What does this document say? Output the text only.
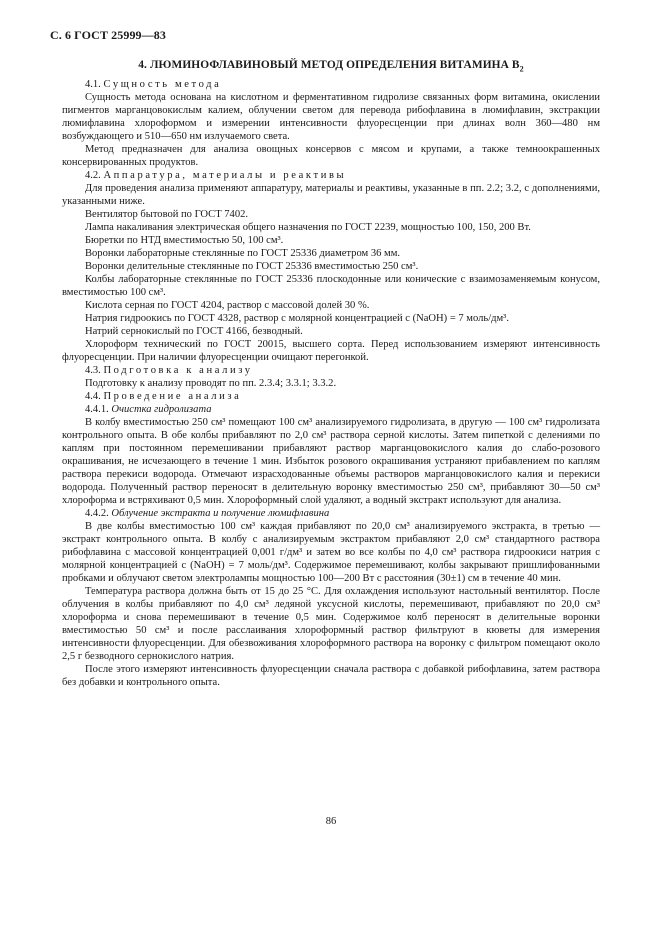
С. 6 ГОСТ 25999—83
4. ЛЮМИНОФЛАВИНОВЫЙ МЕТОД ОПРЕДЕЛЕНИЯ ВИТАМИНА $В_2$

4.1. Сущность метода

Сущность метода основана на кислотном и ферментативном гидролизе связанных форм витамина, окислении пигментов марганцовокислым калием, облучении светом для перевода рибофлавина в люмифлавин, экстракции люмифлавина хлороформом и измерении интенсивности флуоресценции при длинах волн 360—480 нм возбуждающего и 510—650 нм излучаемого света.

Метод предназначен для анализа овощных консервов с мясом и крупами, а также темноокрашенных консервированных продуктов.

4.2. Аппаратура, материалы и реактивы

Для проведения анализа применяют аппаратуру, материалы и реактивы, указанные в пп. 2.2; 3.2, с дополнениями, указанными ниже.

Вентилятор бытовой по ГОСТ 7402.

Лампа накаливания электрическая общего назначения по ГОСТ 2239, мощностью 100, 150, 200 Вт.

Бюретки по НТД вместимостью 50, 100 см³.

Воронки лабораторные стеклянные по ГОСТ 25336 диаметром 36 мм.

Воронки делительные стеклянные по ГОСТ 25336 вместимостью 250 см³.

Колбы лабораторные стеклянные по ГОСТ 25336 плоскодонные или конические с взаимозаменяемым конусом, вместимостью 100 см³.

Кислота серная по ГОСТ 4204, раствор с массовой долей 30 %.

Натрия гидроокись по ГОСТ 4328, раствор с молярной концентрацией c (NaOH) = 7 моль/дм³.

Натрий сернокислый по ГОСТ 4166, безводный.

Хлороформ технический по ГОСТ 20015, высшего сорта. Перед использованием измеряют интенсивность флуоресценции. При наличии флуоресценции очищают перегонкой.

4.3. Подготовка к анализу

Подготовку к анализу проводят по пп. 2.3.4; 3.3.1; 3.3.2.

4.4. Проведение анализа

4.4.1. Очистка гидролизата

В колбу вместимостью 250 см³ помещают 100 см³ анализируемого гидролизата, в другую — 100 см³ гидролизата контрольного опыта. В обе колбы прибавляют по 2,0 см³ раствора серной кислоты. Затем пипеткой с делениями по каплям при постоянном перемешивании прибавляют раствор марганцовокислого калия до слабо-розового окрашивания, не исчезающего в течение 1 мин. Избыток розового окрашивания устраняют прибавлением по каплям раствора перекиси водорода. Отмечают израсходованные объемы растворов марганцовокислого калия и перекиси водорода. Полученный раствор переносят в делительную воронку вместимостью 250 см³, прибавляют 30—50 см³ хлороформа и встряхивают 0,5 мин. Хлороформный слой удаляют, а водный экстракт используют для анализа.

4.4.2. Облучение экстракта и получение люмифлавина

В две колбы вместимостью 100 см³ каждая прибавляют по 20,0 см³ анализируемого экстракта, в третью — экстракт контрольного опыта. В колбу с анализируемым экстрактом прибавляют 2,0 см³ стандартного раствора рибофлавина с массовой концентрацией 0,001 г/дм³ и затем во все колбы по 4,0 см³ раствора гидроокиси натрия с молярной концентрацией c (NaOH) = 7 моль/дм³. Содержимое перемешивают, колбы закрывают пришлифованными пробками и облучают светом электролампы мощностью 100—200 Вт с расстояния (30±1) см в течение 40 мин.

Температура раствора должна быть от 15 до 25 °С. Для охлаждения используют настольный вентилятор. После облучения в колбы прибавляют по 4,0 см³ ледяной уксусной кислоты, перемешивают, прибавляют по 20,0 см³ хлороформа и снова перемешивают в течение 0,5 мин. Содержимое колб переносят в делительные воронки вместимостью 50 см³ и после расслаивания хлороформный раствор фильтруют в кюветы для измерения интенсивности флуоресценции. Для обезвоживания хлороформного раствора на воронку с фильтром помещают около 2,5 г безводного сернокислого натрия.

После этого измеряют интенсивность флуоресценции сначала раствора с добавкой рибофлавина, затем раствора без добавки и контрольного опыта.

86
